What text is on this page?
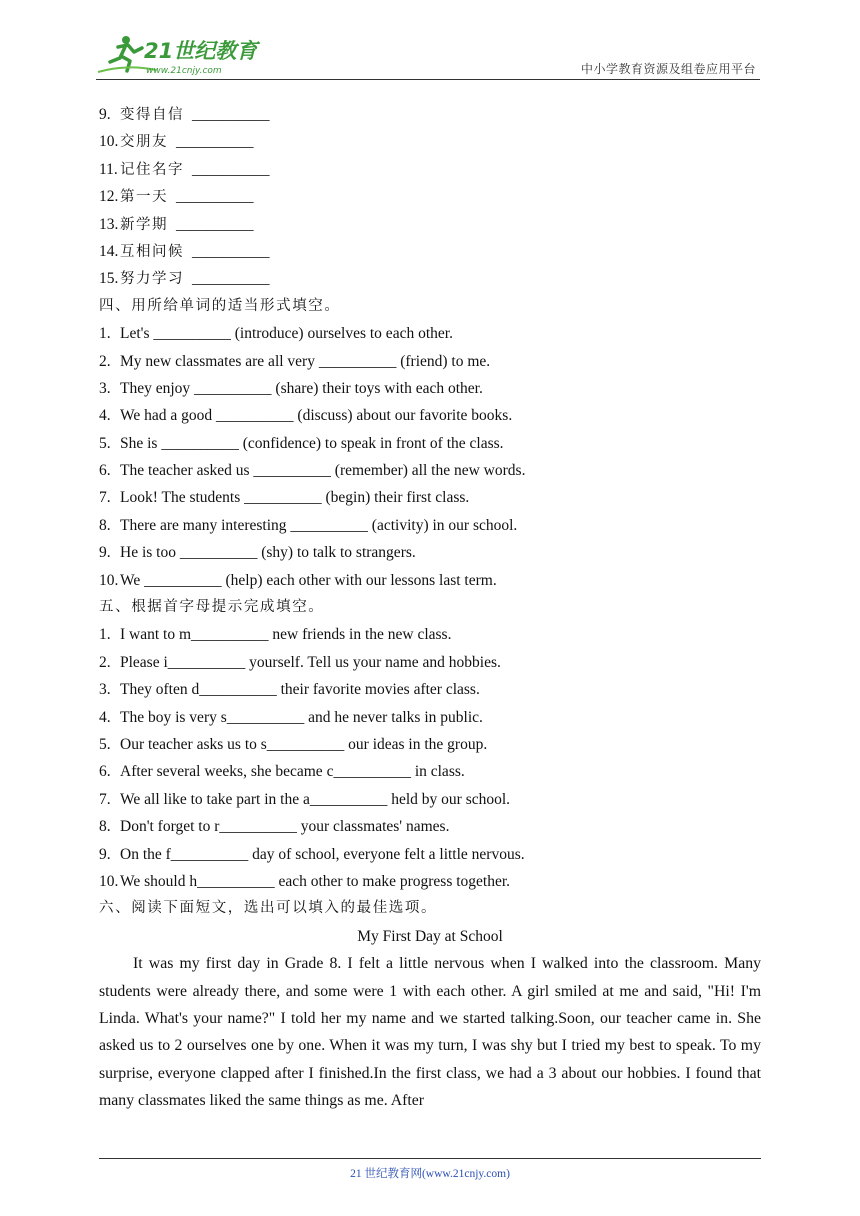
21世纪教育
www.21cnjy.com	中小学教育资源及组卷应用平台
9. 变得自信 __________
10. 交朋友 __________
11. 记住名字 __________
12. 第一天 __________
13. 新学期 __________
14. 互相问候 __________
15. 努力学习 __________
四、用所给单词的适当形式填空。
1. Let's __________ (introduce) ourselves to each other.
2. My new classmates are all very __________ (friend) to me.
3. They enjoy __________ (share) their toys with each other.
4. We had a good __________ (discuss) about our favorite books.
5. She is __________ (confidence) to speak in front of the class.
6. The teacher asked us __________ (remember) all the new words.
7. Look! The students __________ (begin) their first class.
8. There are many interesting __________ (activity) in our school.
9. He is too __________ (shy) to talk to strangers.
10. We __________ (help) each other with our lessons last term.
五、根据首字母提示完成填空。
1. I want to m__________ new friends in the new class.
2. Please i__________ yourself. Tell us your name and hobbies.
3. They often d__________ their favorite movies after class.
4. The boy is very s__________ and he never talks in public.
5. Our teacher asks us to s__________ our ideas in the group.
6. After several weeks, she became c__________ in class.
7. We all like to take part in the a__________ held by our school.
8. Don't forget to r__________ your classmates' names.
9. On the f__________ day of school, everyone felt a little nervous.
10. We should h__________ each other to make progress together.
六、阅读下面短文，选出可以填入的最佳选项。
My First Day at School

It was my first day in Grade 8. I felt a little nervous when I walked into the classroom. Many students were already there, and some were 1 with each other. A girl smiled at me and said, "Hi! I'm Linda. What's your name?" I told her my name and we started talking.Soon, our teacher came in. She asked us to 2 ourselves one by one. When it was my turn, I was shy but I tried my best to speak. To my surprise, everyone clapped after I finished.In the first class, we had a 3 about our hobbies. I found that many classmates liked the same things as me. After

21 世纪教育网(www.21cnjy.com)
